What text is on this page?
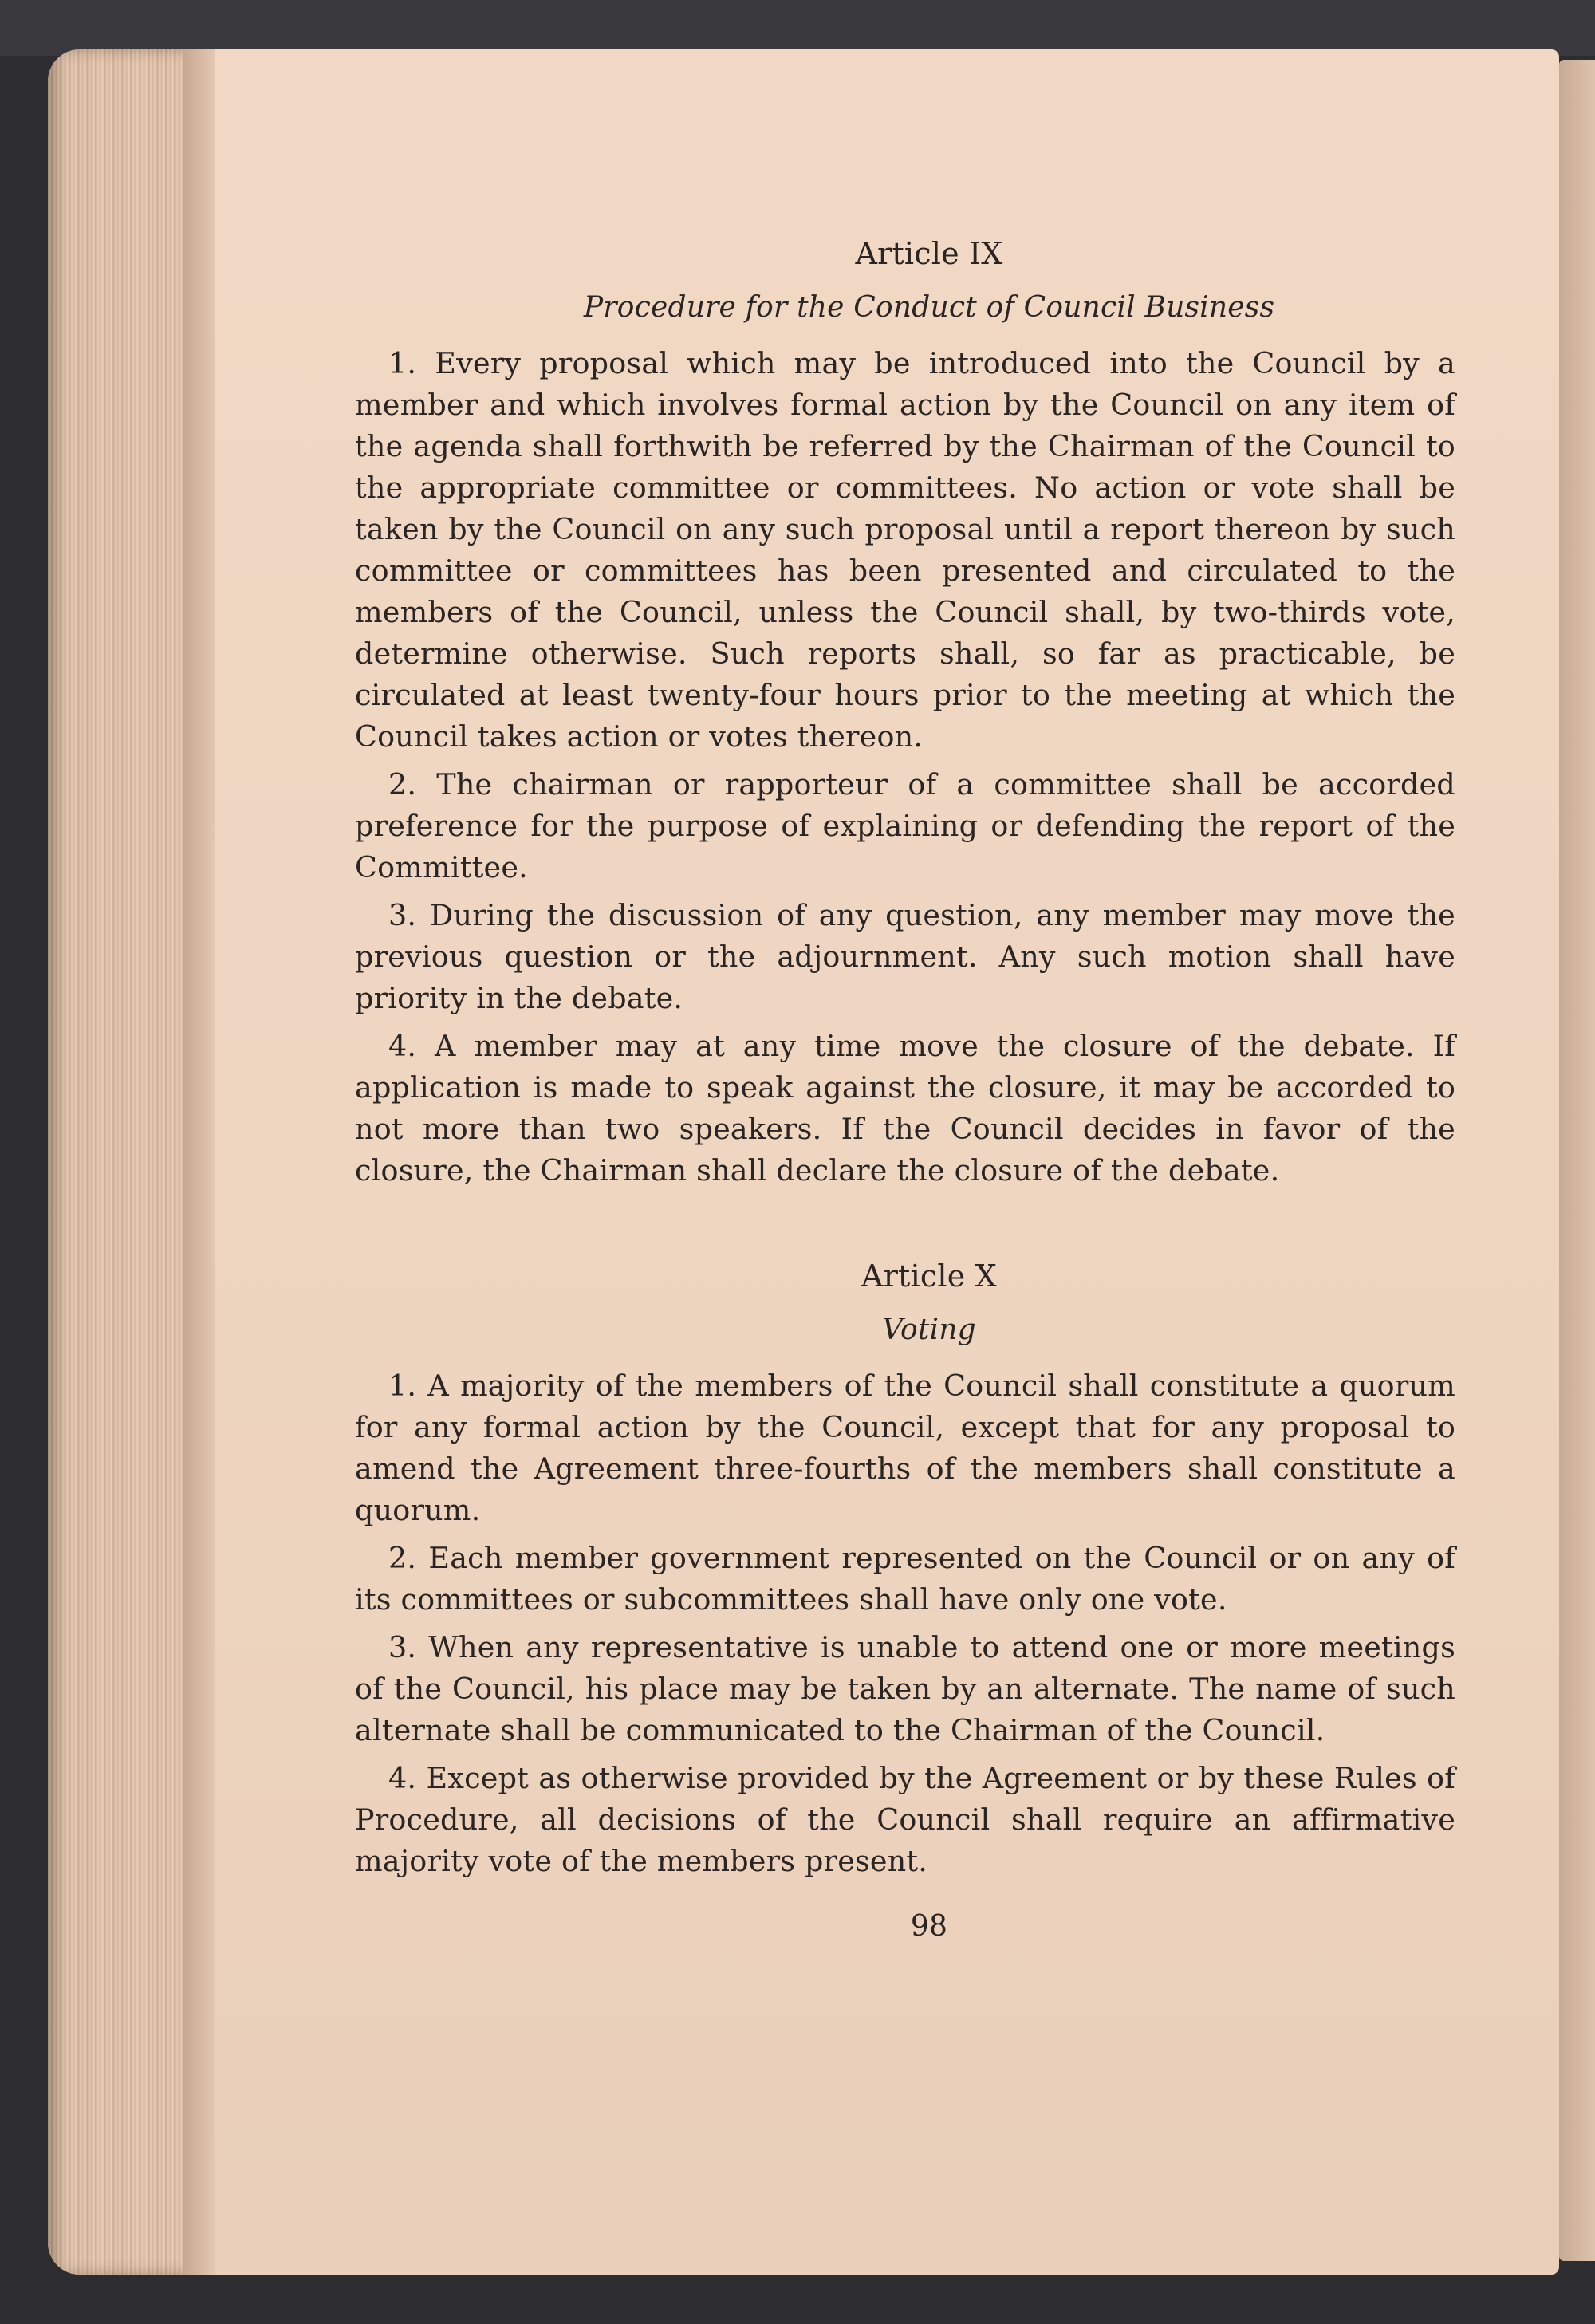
Article IX
Procedure for the Conduct of Council Business

1. Every proposal which may be introduced into the Council by a member and which involves formal action by the Council on any item of the agenda shall forthwith be referred by the Chairman of the Council to the appropriate committee or committees. No action or vote shall be taken by the Council on any such proposal until a report thereon by such committee or committees has been presented and circulated to the members of the Council, unless the Council shall, by two-thirds vote, determine otherwise. Such reports shall, so far as practicable, be circulated at least twenty-four hours prior to the meeting at which the Council takes action or votes thereon.

2. The chairman or rapporteur of a committee shall be accorded preference for the purpose of explaining or defending the report of the Committee.

3. During the discussion of any question, any member may move the previous question or the adjournment. Any such motion shall have priority in the debate.

4. A member may at any time move the closure of the debate. If application is made to speak against the closure, it may be accorded to not more than two speakers. If the Council decides in favor of the closure, the Chairman shall declare the closure of the debate.

Article X
Voting

1. A majority of the members of the Council shall constitute a quorum for any formal action by the Council, except that for any proposal to amend the Agreement three-fourths of the members shall constitute a quorum.

2. Each member government represented on the Council or on any of its committees or subcommittees shall have only one vote.

3. When any representative is unable to attend one or more meetings of the Council, his place may be taken by an alternate. The name of such alternate shall be communicated to the Chairman of the Council.

4. Except as otherwise provided by the Agreement or by these Rules of Procedure, all decisions of the Council shall require an affirmative majority vote of the members present.

98
